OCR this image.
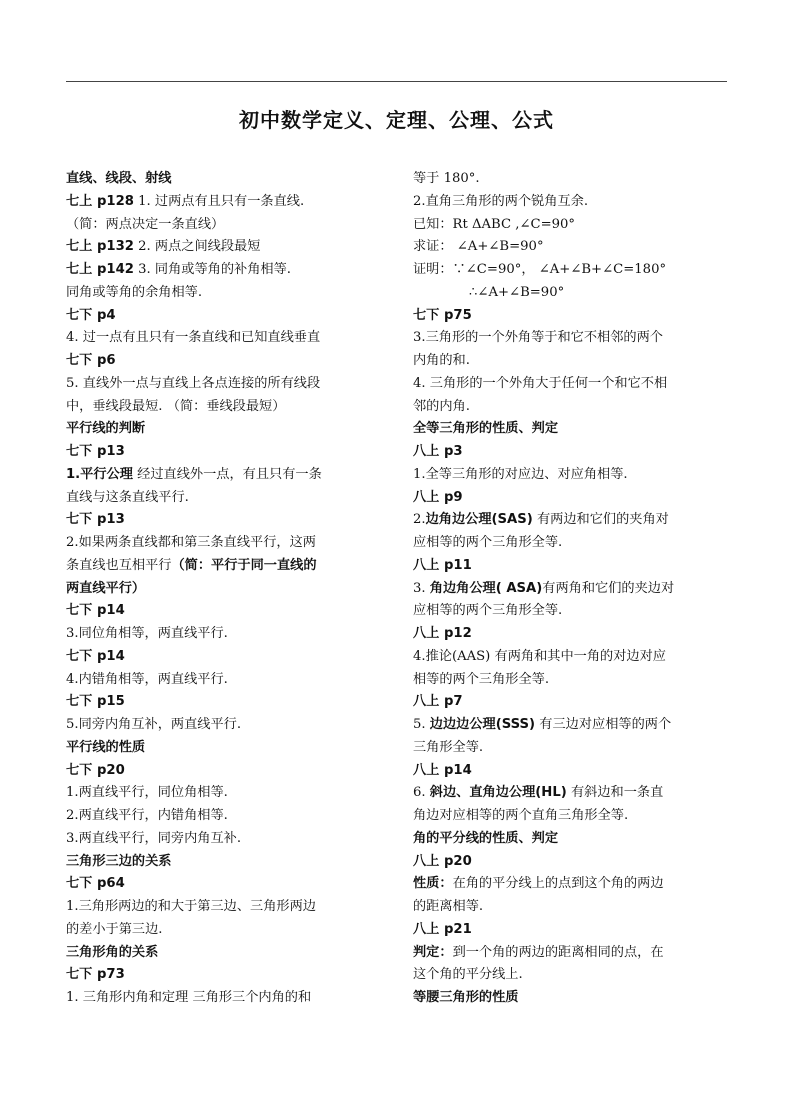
初中数学定义、定理、公理、公式
直线、线段、射线
七上 p128 1. 过两点有且只有一条直线.
（简：两点决定一条直线）
七上 p132 2. 两点之间线段最短
七上 p142 3. 同角或等角的补角相等.
同角或等角的余角相等.
七下 p4
4. 过一点有且只有一条直线和已知直线垂直
七下 p6
5. 直线外一点与直线上各点连接的所有线段
中，垂线段最短. （简：垂线段最短）
平行线的判断
七下 p13
1.平行公理 经过直线外一点，有且只有一条
直线与这条直线平行.
七下 p13
2.如果两条直线都和第三条直线平行，这两
条直线也互相平行（简：平行于同一直线的
两直线平行）
七下 p14
3.同位角相等，两直线平行.
七下 p14
4.内错角相等，两直线平行.
七下 p15
5.同旁内角互补，两直线平行.
平行线的性质
七下 p20
1.两直线平行，同位角相等.
2.两直线平行，内错角相等.
3.两直线平行，同旁内角互补.
三角形三边的关系
七下 p64
1.三角形两边的和大于第三边、三角形两边
的差小于第三边.
三角形角的关系
七下 p73
1. 三角形内角和定理 三角形三个内角的和
等于 180°.
2.直角三角形的两个锐角互余.
已知：Rt ΔABC ,∠C=90°
求证： ∠A+∠B=90°
证明：∵∠C=90°， ∠A+∠B+∠C=180°
∴∠A+∠B=90°
七下 p75
3.三角形的一个外角等于和它不相邻的两个
内角的和.
4. 三角形的一个外角大于任何一个和它不相
邻的内角.
全等三角形的性质、判定
八上 p3
1.全等三角形的对应边、对应角相等.
八上 p9
2.边角边公理(SAS) 有两边和它们的夹角对
应相等的两个三角形全等.
八上 p11
3. 角边角公理( ASA)有两角和它们的夹边对
应相等的两个三角形全等.
八上 p12
4.推论(AAS) 有两角和其中一角的对边对应
相等的两个三角形全等.
八上 p7
5. 边边边公理(SSS) 有三边对应相等的两个
三角形全等.
八上 p14
6. 斜边、直角边公理(HL) 有斜边和一条直
角边对应相等的两个直角三角形全等.
角的平分线的性质、判定
八上 p20
性质：在角的平分线上的点到这个角的两边
的距离相等.
八上 p21
判定：到一个角的两边的距离相同的点，在
这个角的平分线上.
等腰三角形的性质
